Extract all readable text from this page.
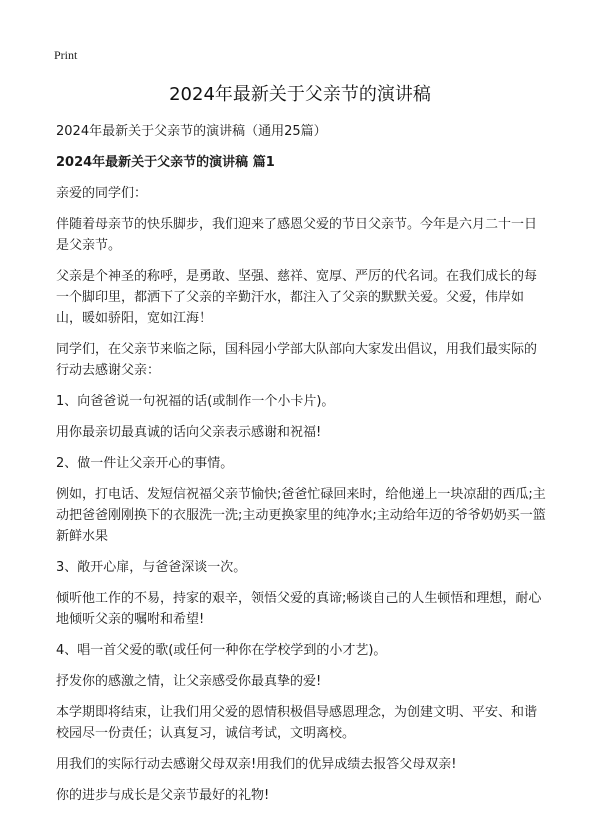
Print
2024年最新关于父亲节的演讲稿

2024年最新关于父亲节的演讲稿（通用25篇）

2024年最新关于父亲节的演讲稿 篇1

亲爱的同学们：

伴随着母亲节的快乐脚步，我们迎来了感恩父爱的节日父亲节。今年是六月二十一日是父亲节。

父亲是个神圣的称呼，是勇敢、坚强、慈祥、宽厚、严厉的代名词。在我们成长的每一个脚印里，都洒下了父亲的辛勤汗水，都注入了父亲的默默关爱。父爱，伟岸如山，暖如骄阳，宽如江海！

同学们，在父亲节来临之际，国科园小学部大队部向大家发出倡议，用我们最实际的行动去感谢父亲：

1、向爸爸说一句祝福的话(或制作一个小卡片)。

用你最亲切最真诚的话向父亲表示感谢和祝福!

2、做一件让父亲开心的事情。

例如，打电话、发短信祝福父亲节愉快;爸爸忙碌回来时，给他递上一块凉甜的西瓜;主动把爸爸刚刚换下的衣服洗一洗;主动更换家里的纯净水;主动给年迈的爷爷奶奶买一篮新鲜水果

3、敞开心扉，与爸爸深谈一次。

倾听他工作的不易，持家的艰辛，领悟父爱的真谛;畅谈自己的人生顿悟和理想，耐心地倾听父亲的嘱咐和希望!

4、唱一首父爱的歌(或任何一种你在学校学到的小才艺)。

抒发你的感激之情，让父亲感受你最真挚的爱!

本学期即将结束，让我们用父爱的恩情积极倡导感恩理念，为创建文明、平安、和谐校园尽一份责任；认真复习，诚信考试，文明离校。

用我们的实际行动去感谢父母双亲!用我们的优异成绩去报答父母双亲!

你的进步与成长是父亲节最好的礼物!
